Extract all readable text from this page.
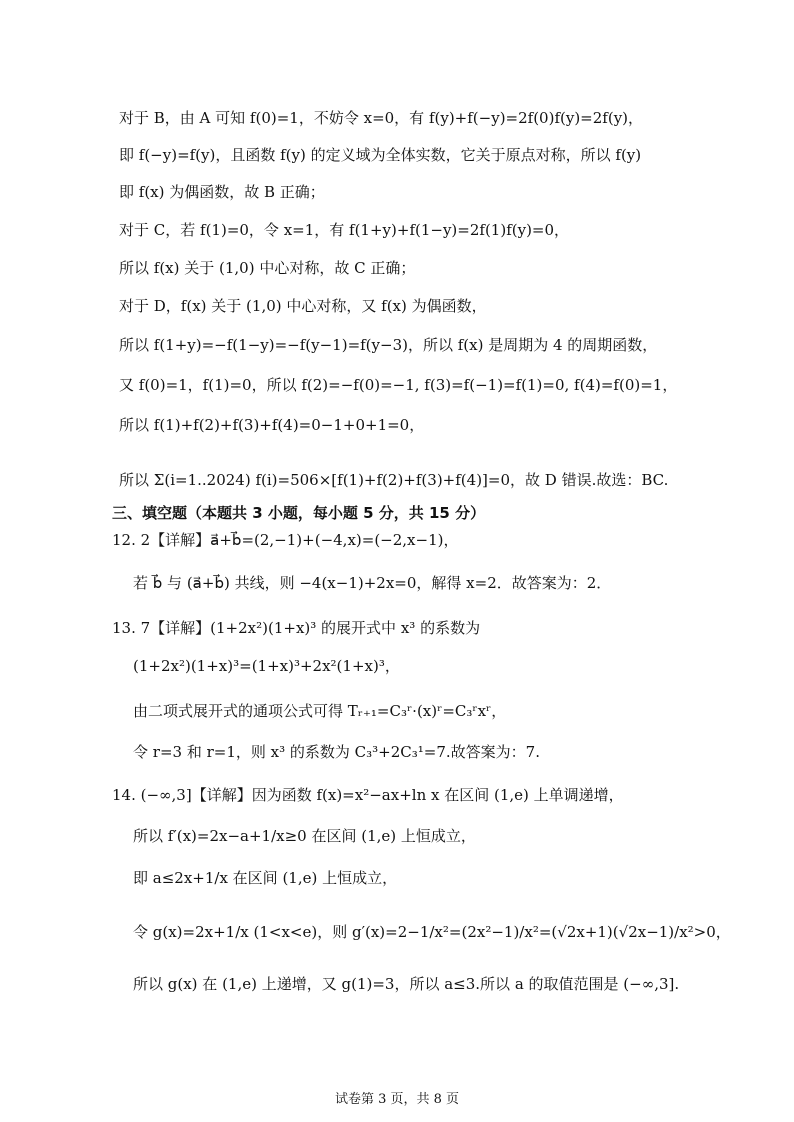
对于 B，由 A 可知 f(0)=1，不妨令 x=0，有 f(y)+f(−y)=2f(0)f(y)=2f(y)，
即 f(−y)=f(y)，且函数 f(y) 的定义域为全体实数，它关于原点对称，所以 f(y)
即 f(x) 为偶函数，故 B 正确；
对于 C，若 f(1)=0，令 x=1，有 f(1+y)+f(1−y)=2f(1)f(y)=0，
所以 f(x) 关于 (1,0) 中心对称，故 C 正确；
对于 D，f(x) 关于 (1,0) 中心对称，又 f(x) 为偶函数，
所以 f(1+y)=−f(1−y)=−f(y−1)=f(y−3)，所以 f(x) 是周期为 4 的周期函数，
又 f(0)=1，f(1)=0，所以 f(2)=−f(0)=−1, f(3)=f(−1)=f(1)=0, f(4)=f(0)=1，
所以 f(1)+f(2)+f(3)+f(4)=0−1+0+1=0，
所以 Σ(i=1..2024) f(i)=506×[f(1)+f(2)+f(3)+f(4)]=0，故 D 错误.故选：BC.
三、填空题（本题共 3 小题，每小题 5 分，共 15 分）
12. 2【详解】a⃗+b⃗=(2,−1)+(−4,x)=(−2,x−1)，
若 b⃗ 与 (a⃗+b⃗) 共线，则 −4(x−1)+2x=0，解得 x=2．故答案为：2．
13. 7【详解】(1+2x²)(1+x)³ 的展开式中 x³ 的系数为
(1+2x²)(1+x)³=(1+x)³+2x²(1+x)³，
由二项式展开式的通项公式可得 Tᵣ₊₁=C₃ʳ·(x)ʳ=C₃ʳxʳ，
令 r=3 和 r=1，则 x³ 的系数为 C₃³+2C₃¹=7.故答案为：7.
14. (−∞,3]【详解】因为函数 f(x)=x²−ax+ln x 在区间 (1,e) 上单调递增，
所以 f′(x)=2x−a+1/x≥0 在区间 (1,e) 上恒成立，
即 a≤2x+1/x 在区间 (1,e) 上恒成立，
令 g(x)=2x+1/x (1<x<e)，则 g′(x)=2−1/x²=(2x²−1)/x²=(√2x+1)(√2x−1)/x²>0，
所以 g(x) 在 (1,e) 上递增，又 g(1)=3，所以 a≤3.所以 a 的取值范围是 (−∞,3].
试卷第 3 页，共 8 页
